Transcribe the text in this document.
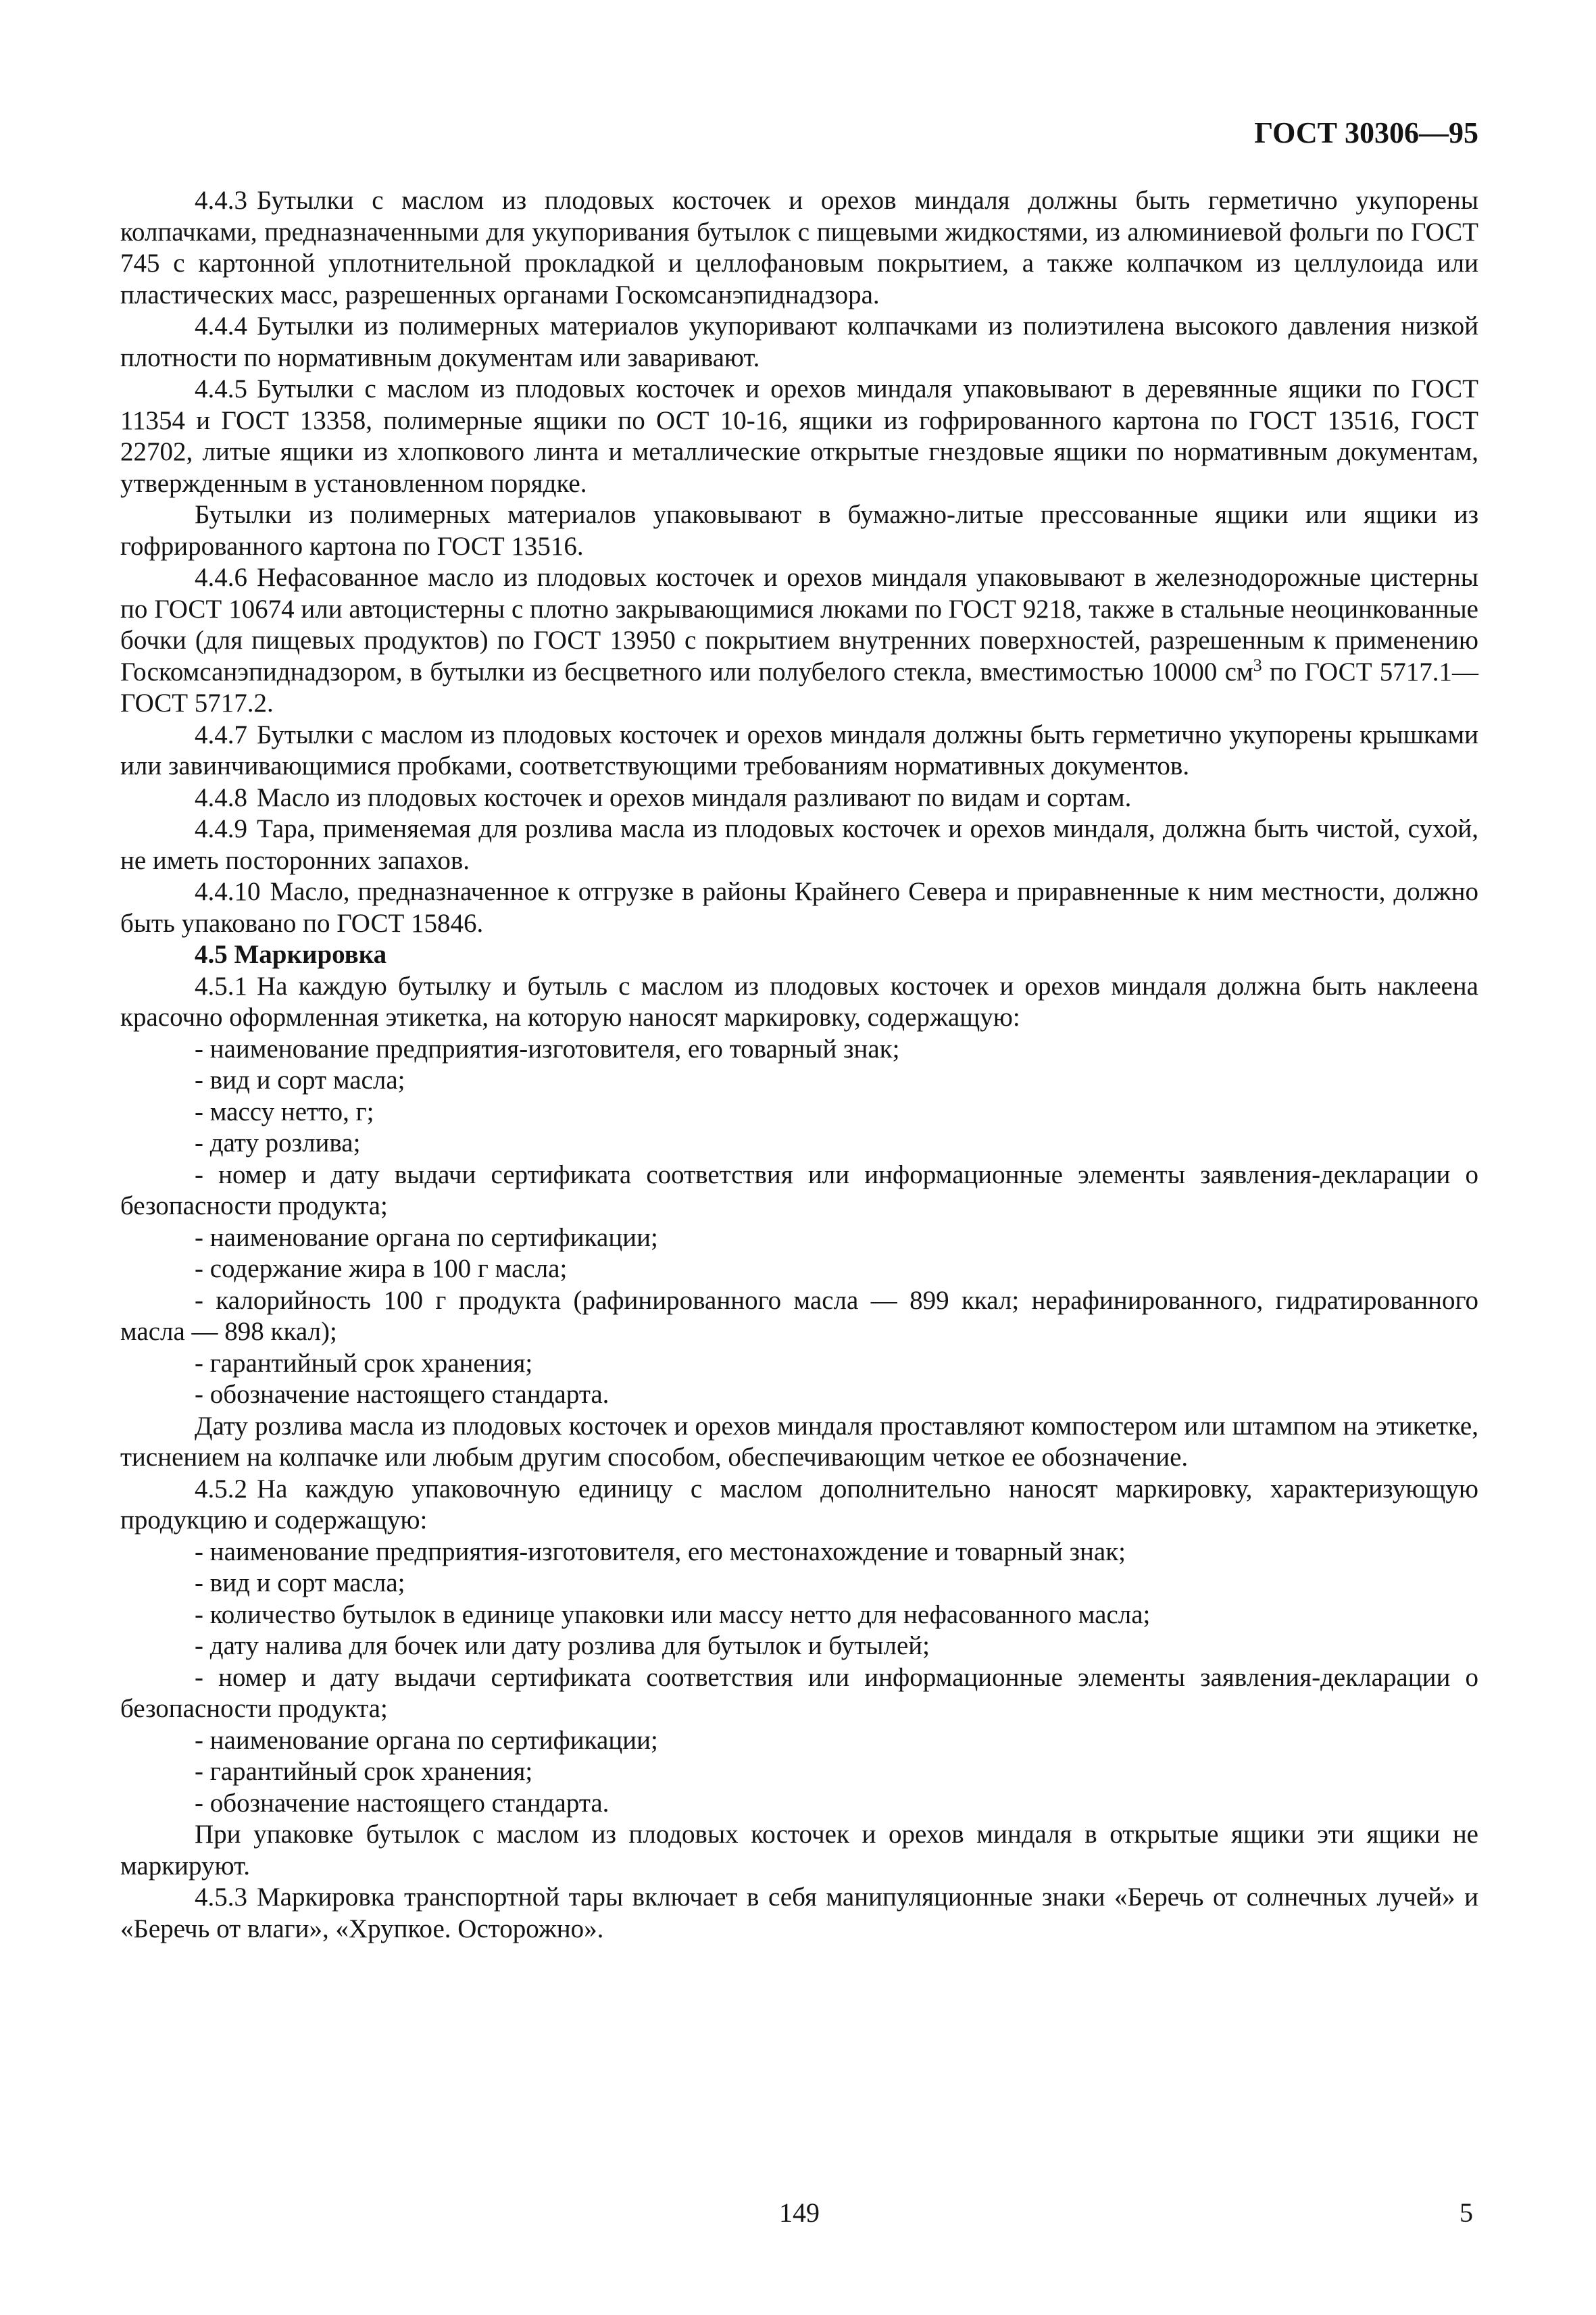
ГОСТ 30306—95

4.4.3 Бутылки с маслом из плодовых косточек и орехов миндаля должны быть герметично укупорены колпачками, предназначенными для укупоривания бутылок с пищевыми жидкостями, из алюминиевой фольги по ГОСТ 745 с картонной уплотнительной прокладкой и целлофановым покрытием, а также колпачком из целлулоида или пластических масс, разрешенных органами Госкомсанэпиднадзора.

4.4.4 Бутылки из полимерных материалов укупоривают колпачками из полиэтилена высокого давления низкой плотности по нормативным документам или заваривают.

4.4.5 Бутылки с маслом из плодовых косточек и орехов миндаля упаковывают в деревянные ящики по ГОСТ 11354 и ГОСТ 13358, полимерные ящики по ОСТ 10-16, ящики из гофрированного картона по ГОСТ 13516, ГОСТ 22702, литые ящики из хлопкового линта и металлические открытые гнездовые ящики по нормативным документам, утвержденным в установленном порядке.

Бутылки из полимерных материалов упаковывают в бумажно-литые прессованные ящики или ящики из гофрированного картона по ГОСТ 13516.

4.4.6 Нефасованное масло из плодовых косточек и орехов миндаля упаковывают в железнодорожные цистерны по ГОСТ 10674 или автоцистерны с плотно закрывающимися люками по ГОСТ 9218, также в стальные неоцинкованные бочки (для пищевых продуктов) по ГОСТ 13950 с покрытием внутренних поверхностей, разрешенным к применению Госкомсанэпиднадзором, в бутылки из бесцветного или полубелого стекла, вместимостью 10000 $см^3$ по ГОСТ 5717.1—ГОСТ 5717.2.

4.4.7 Бутылки с маслом из плодовых косточек и орехов миндаля должны быть герметично укупорены крышками или завинчивающимися пробками, соответствующими требованиям нормативных документов.

4.4.8 Масло из плодовых косточек и орехов миндаля разливают по видам и сортам.

4.4.9 Тара, применяемая для розлива масла из плодовых косточек и орехов миндаля, должна быть чистой, сухой, не иметь посторонних запахов.

4.4.10 Масло, предназначенное к отгрузке в районы Крайнего Севера и приравненные к ним местности, должно быть упаковано по ГОСТ 15846.

4.5 Маркировка

4.5.1 На каждую бутылку и бутыль с маслом из плодовых косточек и орехов миндаля должна быть наклеена красочно оформленная этикетка, на которую наносят маркировку, содержащую:

- наименование предприятия-изготовителя, его товарный знак;

- вид и сорт масла;

- массу нетто, г;

- дату розлива;

- номер и дату выдачи сертификата соответствия или информационные элементы заявления-декларации о безопасности продукта;

- наименование органа по сертификации;

- содержание жира в 100 г масла;

- калорийность 100 г продукта (рафинированного масла — 899 ккал; нерафинированного, гидратированного масла — 898 ккал);

- гарантийный срок хранения;

- обозначение настоящего стандарта.

Дату розлива масла из плодовых косточек и орехов миндаля проставляют компостером или штампом на этикетке, тиснением на колпачке или любым другим способом, обеспечивающим четкое ее обозначение.

4.5.2 На каждую упаковочную единицу с маслом дополнительно наносят маркировку, характеризующую продукцию и содержащую:

- наименование предприятия-изготовителя, его местонахождение и товарный знак;

- вид и сорт масла;

- количество бутылок в единице упаковки или массу нетто для нефасованного масла;

- дату налива для бочек или дату розлива для бутылок и бутылей;

- номер и дату выдачи сертификата соответствия или информационные элементы заявления-декларации о безопасности продукта;

- наименование органа по сертификации;

- гарантийный срок хранения;

- обозначение настоящего стандарта.

При упаковке бутылок с маслом из плодовых косточек и орехов миндаля в открытые ящики эти ящики не маркируют.

4.5.3 Маркировка транспортной тары включает в себя манипуляционные знаки «Беречь от солнечных лучей» и «Беречь от влаги», «Хрупкое. Осторожно».

149	5
